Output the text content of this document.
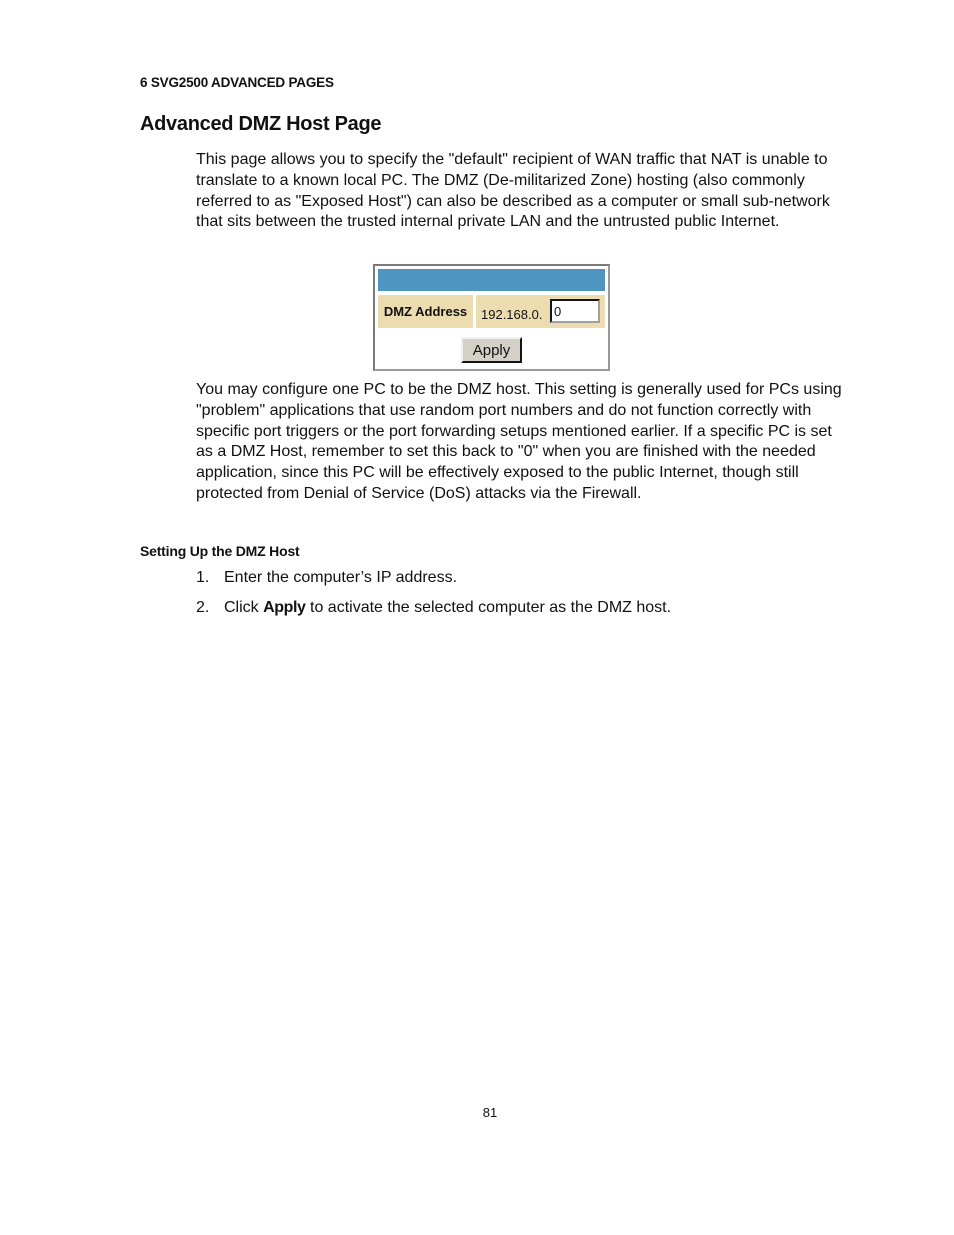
6 SVG2500 ADVANCED PAGES
Advanced DMZ Host Page

This page allows you to specify the "default" recipient of WAN traffic that NAT is unable to translate to a known local PC. The DMZ (De-militarized Zone) hosting (also commonly referred to as "Exposed Host") can also be described as a computer or small sub-network that sits between the trusted internal private LAN and the untrusted public Internet.

DMZ Address	192.168.0.
0
Apply

You may configure one PC to be the DMZ host. This setting is generally used for PCs using "problem" applications that use random port numbers and do not function correctly with specific port triggers or the port forwarding setups mentioned earlier. If a specific PC is set as a DMZ Host, remember to set this back to "0" when you are finished with the needed application, since this PC will be effectively exposed to the public Internet, though still protected from Denial of Service (DoS) attacks via the Firewall.

Setting Up the DMZ Host
1. Enter the computer’s IP address.
2. Click Apply to activate the selected computer as the DMZ host.
81
